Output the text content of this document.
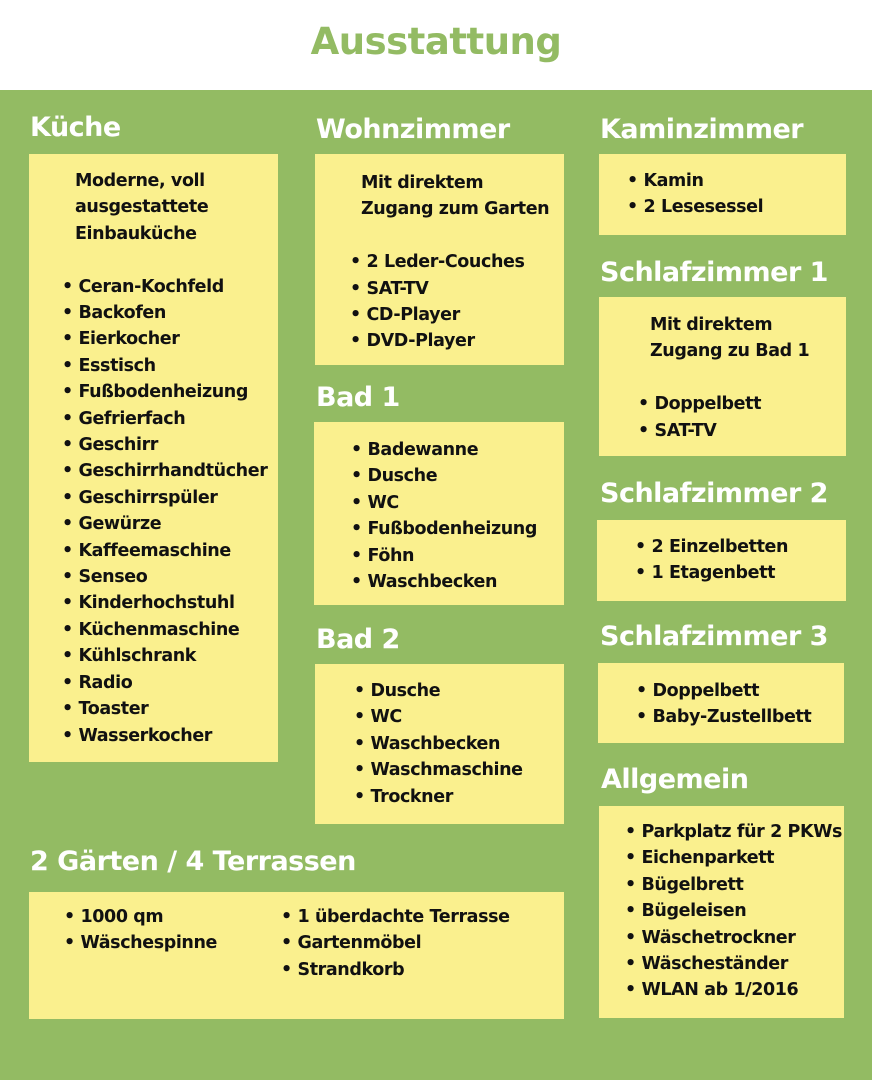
Ausstattung
Küche
Moderne, voll
ausgestattete
Einbauküche
• Ceran-Kochfeld
• Backofen
• Eierkocher
• Esstisch
• Fußbodenheizung
• Gefrierfach
• Geschirr
• Geschirrhandtücher
• Geschirrspüler
• Gewürze
• Kaffeemaschine
• Senseo
• Kinderhochstuhl
• Küchenmaschine
• Kühlschrank
• Radio
• Toaster
• Wasserkocher
Wohnzimmer
Mit direktem
Zugang zum Garten
• 2 Leder-Couches
• SAT-TV
• CD-Player
• DVD-Player
Kaminzimmer
• Kamin
• 2 Lesesessel
Schlafzimmer 1
Mit direktem
Zugang zu Bad 1
• Doppelbett
• SAT-TV
Bad 1
• Badewanne
• Dusche
• WC
• Fußbodenheizung
• Föhn
• Waschbecken
Schlafzimmer 2
• 2 Einzelbetten
• 1 Etagenbett
Bad 2
• Dusche
• WC
• Waschbecken
• Waschmaschine
• Trockner
Schlafzimmer 3
• Doppelbett
• Baby-Zustellbett
Allgemein
• Parkplatz für 2 PKWs
• Eichenparkett
• Bügelbrett
• Bügeleisen
• Wäschetrockner
• Wäscheständer
• WLAN ab 1/2016
2 Gärten / 4 Terrassen
• 1000 qm
• Wäschespinne
• 1 überdachte Terrasse
• Gartenmöbel
• Strandkorb
